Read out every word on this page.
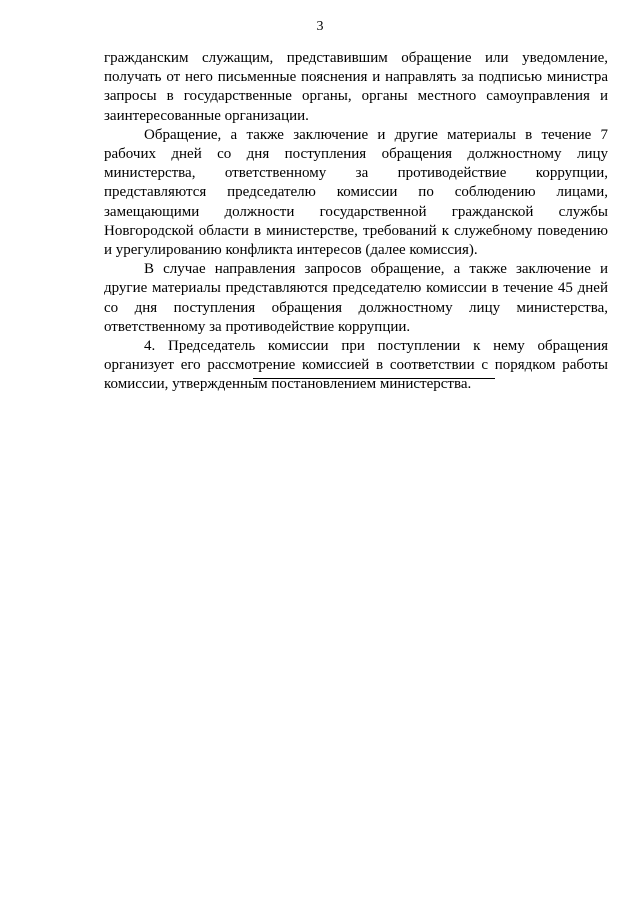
3

гражданским служащим, представившим обращение или уведомление, получать от него письменные пояснения и направлять за подписью министра запросы в государственные органы, органы местного самоуправления и заинтересованные организации.

Обращение, а также заключение и другие материалы в течение 7 рабочих дней со дня поступления обращения должностному лицу министерства, ответственному за противодействие коррупции, представляются председателю комиссии по соблюдению лицами, замещающими должности государственной гражданской службы Новгородской области в министерстве, требований к служебному поведению и урегулированию конфликта интересов (далее комиссия).

В случае направления запросов обращение, а также заключение и другие материалы представляются председателю комиссии в течение 45 дней со дня поступления обращения должностному лицу министерства, ответственному за противодействие коррупции.

4. Председатель комиссии при поступлении к нему обращения организует его рассмотрение комиссией в соответствии с порядком работы комиссии, утвержденным постановлением министерства.
